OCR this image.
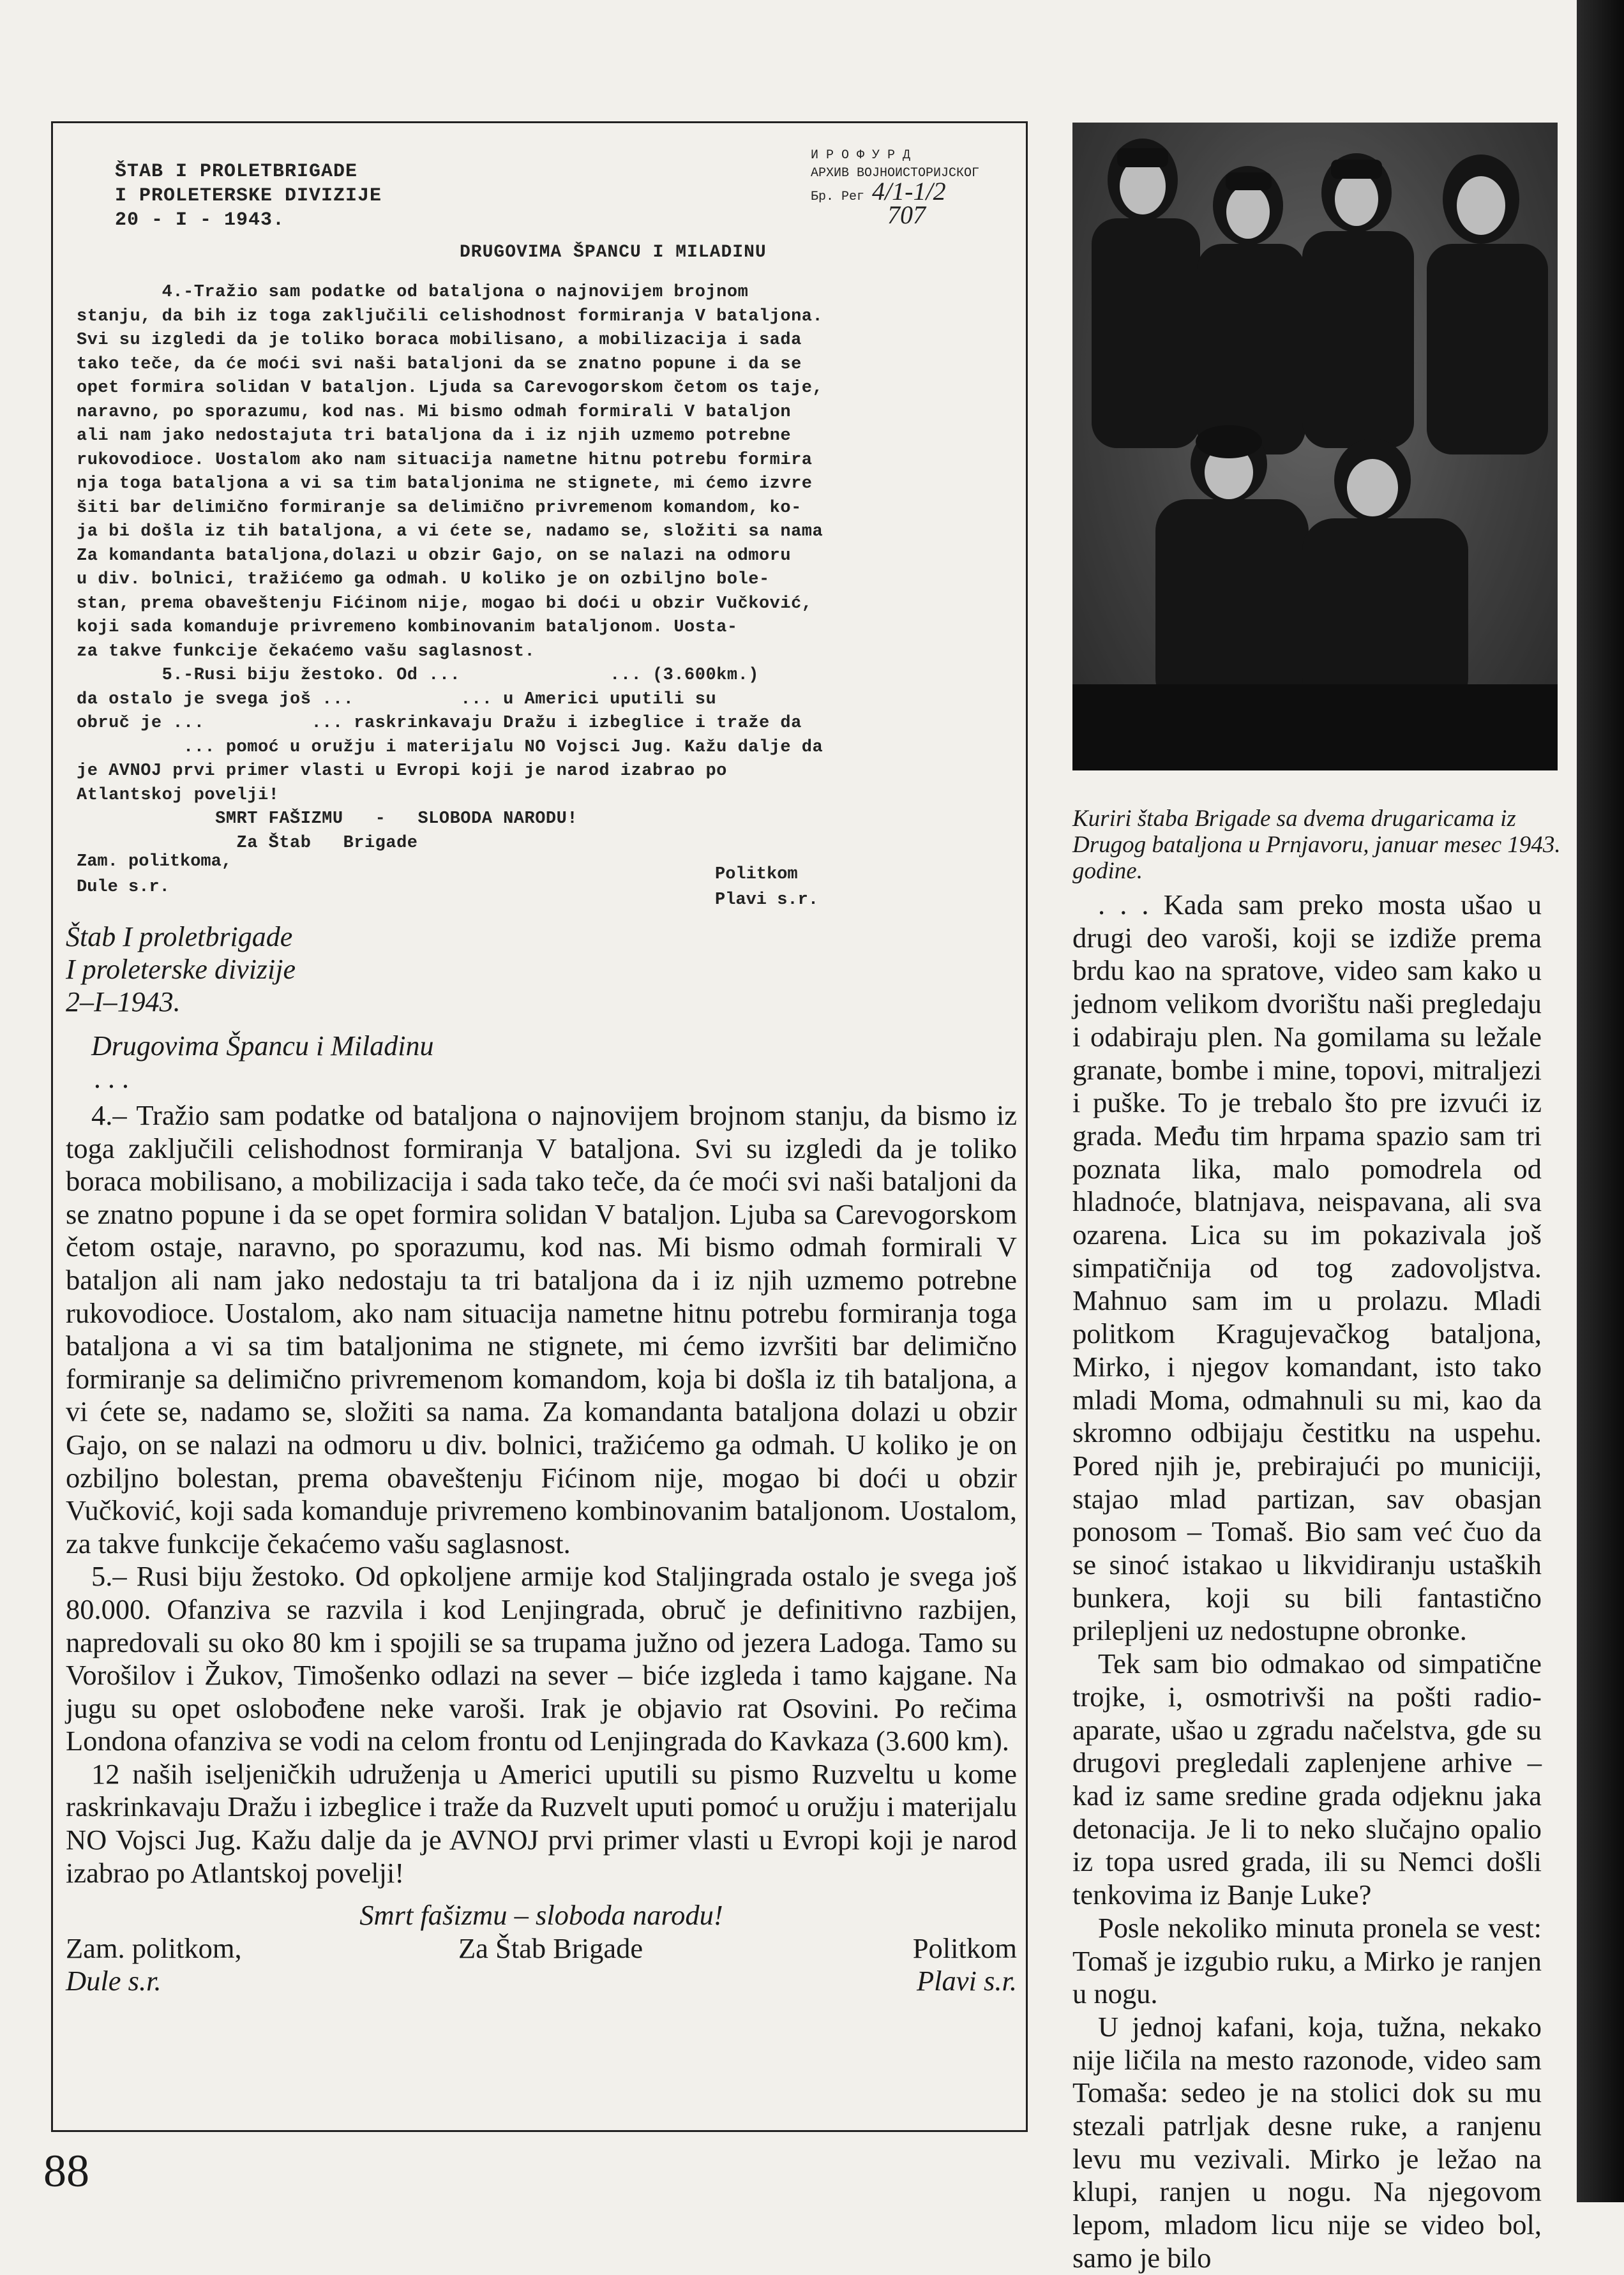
ŠTAB I PROLETBRIGADE
I PROLETERSKE DIVIZIJE
20 - I - 1943.
И Р О Ф У Р Д
АРХИВ ВОЈНОИСТОРИЈСКОГ
Бр. Рег 4/1-1/2
707
DRUGOVIMA ŠPANCU I MILADINU
4.-Tražio sam podatke od bataljona o najnovijem brojnom
stanju, da bih iz toga zaključili celishodnost formiranja V bataljona.
Svi su izgledi da je toliko boraca mobilisano, a mobilizacija i sada
tako teče, da će moći svi naši bataljoni da se znatno popune i da se
opet formira solidan V bataljon. Ljuda sa Carevogorskom četom os taje,
naravno, po sporazumu, kod nas. Mi bismo odmah formirali V bataljon
ali nam jako nedostajuta tri bataljona da i iz njih uzmemo potrebne
rukovodioce. Uostalom ako nam situacija nametne hitnu potrebu formira
nja toga bataljona a vi sa tim bataljonima ne stignete, mi ćemo izvre
šiti bar delimično formiranje sa delimično privremenom komandom, ko-
ja bi došla iz tih bataljona, a vi ćete se, nadamo se, složiti sa nama
Za komandanta bataljona,dolazi u obzir Gajo, on se nalazi na odmoru
u div. bolnici, tražićemo ga odmah. U koliko je on ozbiljno bole-
stan, prema obaveštenju Fićinom nije, mogao bi doći u obzir Vučković,
koji sada komanduje privremeno kombinovanim bataljonom. Uosta-
za takve funkcije čekaćemo vašu saglasnost.
5.-Rusi biju žestoko. Od ...              ... (3.600km.)
da ostalo je svega još ...          ... u Americi uputili su
obruč je ...          ... raskrinkavaju Dražu i izbeglice i traže da
... pomoć u oružju i materijalu NO Vojsci Jug. Kažu dalje da
je AVNOJ prvi primer vlasti u Evropi koji je narod izabrao po
Atlantskoj povelji!
SMRT FAŠIZMU   -   SLOBODA NARODU!
Za Štab   Brigade
Zam. politkoma,
Dule s.r.
Politkom
Plavi s.r.
Štab I proletbrigade
I proleterske divizije
2–I–1943.
Drugovima Špancu i Miladinu
. . .

4.– Tražio sam podatke od bataljona o najnovijem brojnom stanju, da bismo iz toga zaključili celishodnost formiranja V bataljona. Svi su izgledi da je toliko boraca mobilisano, a mobilizacija i sada tako teče, da će moći svi naši bataljoni da se znatno popune i da se opet formira solidan V bataljon. Ljuba sa Carevogorskom četom ostaje, naravno, po sporazumu, kod nas. Mi bismo odmah formirali V bataljon ali nam jako nedostaju ta tri bataljona da i iz njih uzmemo potrebne rukovodioce. Uostalom, ako nam situacija nametne hitnu potrebu formiranja toga bataljona a vi sa tim bataljonima ne stignete, mi ćemo izvršiti bar delimično formiranje sa delimično privremenom komandom, koja bi došla iz tih bataljona, a vi ćete se, nadamo se, složiti sa nama. Za komandanta bataljona dolazi u obzir Gajo, on se nalazi na odmoru u div. bolnici, tražićemo ga odmah. U koliko je on ozbiljno bolestan, prema obaveštenju Fićinom nije, mogao bi doći u obzir Vučković, koji sada komanduje privremeno kombinovanim bataljonom. Uostalom, za takve funkcije čekaćemo vašu saglasnost.

5.– Rusi biju žestoko. Od opkoljene armije kod Staljingrada ostalo je svega još 80.000. Ofanziva se razvila i kod Lenjingrada, obruč je definitivno razbijen, napredovali su oko 80 km i spojili se sa trupama južno od jezera Ladoga. Tamo su Vorošilov i Žukov, Timošenko odlazi na sever – biće izgleda i tamo kajgane. Na jugu su opet oslobođene neke varoši. Irak je objavio rat Osovini. Po rečima Londona ofanziva se vodi na celom frontu od Lenjingrada do Kavkaza (3.600 km).

12 naših iseljeničkih udruženja u Americi uputili su pismo Ruzveltu u kome raskrinkavaju Dražu i izbeglice i traže da Ruzvelt uputi pomoć u oružju i materijalu NO Vojsci Jug. Kažu dalje da je AVNOJ prvi primer vlasti u Evropi koji je narod izabrao po Atlantskoj povelji!

Smrt fašizmu – sloboda narodu!
Zam. politkom,
Dule s.r.
Za Štab Brigade	Politkom
Plavi s.r.
Kuriri štaba Brigade sa dvema drugaricama iz Drugog bataljona u Prnjavoru, januar mesec 1943. godine.

. . . Kada sam preko mosta ušao u drugi deo varoši, koji se izdiže prema brdu kao na spratove, video sam kako u jednom velikom dvorištu naši pregledaju i odabiraju plen. Na gomilama su ležale granate, bombe i mine, topovi, mitraljezi i puške. To je trebalo što pre izvući iz grada. Među tim hrpama spazio sam tri poznata lika, malo pomodrela od hladnoće, blatnjava, neispavana, ali sva ozarena. Lica su im pokazivala još simpatičnija od tog zadovoljstva. Mahnuo sam im u prolazu. Mladi politkom Kragujevačkog bataljona, Mirko, i njegov komandant, isto tako mladi Moma, odmahnuli su mi, kao da skromno odbijaju čestitku na uspehu. Pored njih je, prebirajući po municiji, stajao mlad partizan, sav obasjan ponosom – Tomaš. Bio sam već čuo da se sinoć istakao u likvidiranju ustaških bunkera, koji su bili fantastično prilepljeni uz nedostupne obronke.

Tek sam bio odmakao od simpatične trojke, i, osmotrivši na pošti radio-aparate, ušao u zgradu načelstva, gde su drugovi pregledali zaplenjene arhive – kad iz same sredine grada odjeknu jaka detonacija. Je li to neko slučajno opalio iz topa usred grada, ili su Nemci došli tenkovima iz Banje Luke?

Posle nekoliko minuta pronela se vest: Tomaš je izgubio ruku, a Mirko je ranjen u nogu.

U jednoj kafani, koja, tužna, nekako nije ličila na mesto razonode, video sam Tomaša: sedeo je na stolici dok su mu stezali patrljak desne ruke, a ranjenu levu mu vezivali. Mirko je ležao na klupi, ranjen u nogu. Na njegovom lepom, mladom licu nije se video bol, samo je bilo

88
